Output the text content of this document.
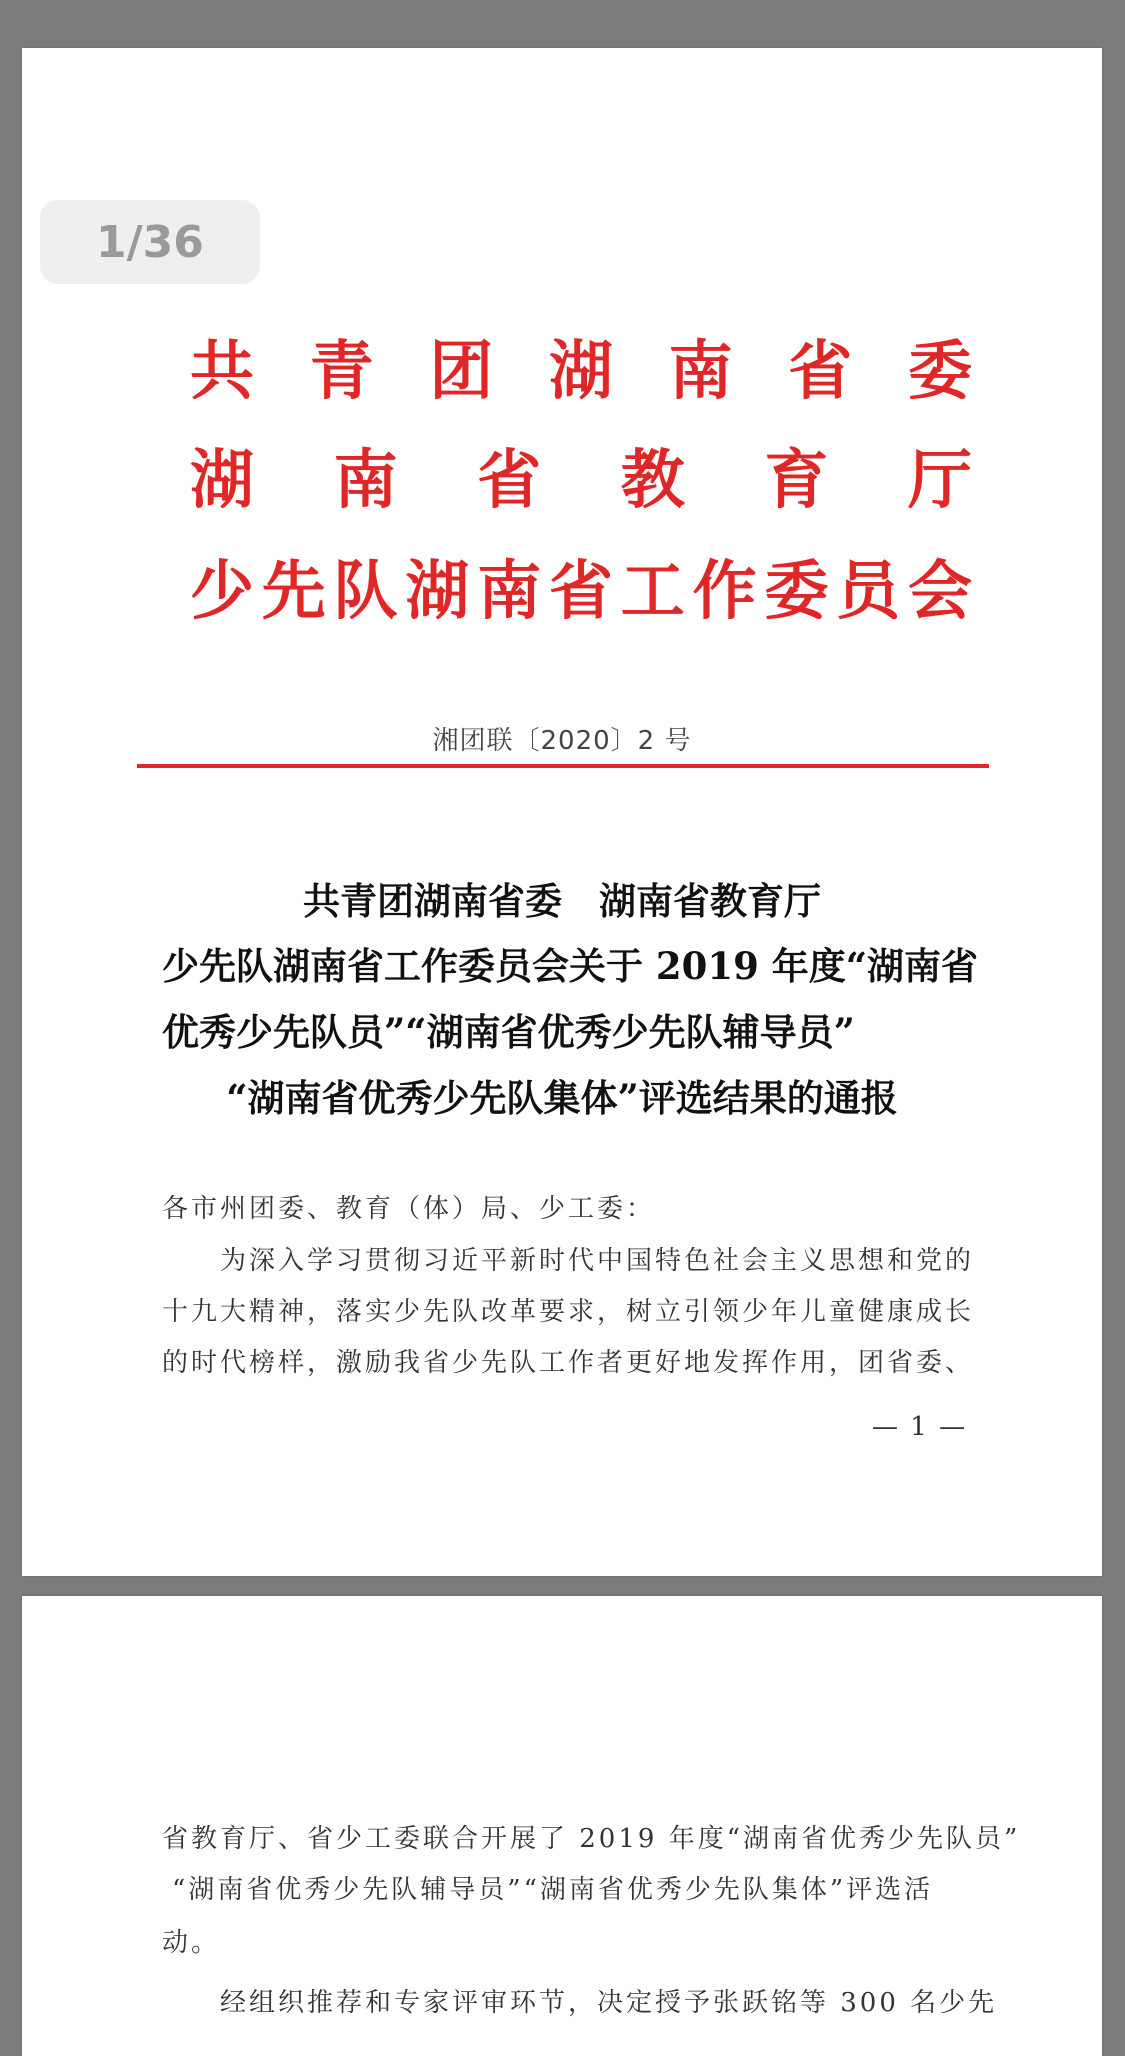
1/36
共 青 团 湖 南 省 委
湖 南 省 教 育 厅
少 先 队 湖 南 省 工 作 委 员 会
湘团联〔2020〕2 号
共青团湖南省委　湖南省教育厅
少先队湖南省工作委员会关于 2019 年度“湖南省
优秀少先队员”“湖南省优秀少先队辅导员”
“湖南省优秀少先队集体”评选结果的通报
各市州团委、教育（体）局、少工委：
为深入学习贯彻习近平新时代中国特色社会主义思想和党的
十九大精神，落实少先队改革要求，树立引领少年儿童健康成长
的时代榜样，激励我省少先队工作者更好地发挥作用，团省委、
— 1 —
省教育厅、省少工委联合开展了 2019 年度“湖南省优秀少先队员”
“湖南省优秀少先队辅导员”“湖南省优秀少先队集体”评选活
动。
经组织推荐和专家评审环节，决定授予张跃铭等 300 名少先
